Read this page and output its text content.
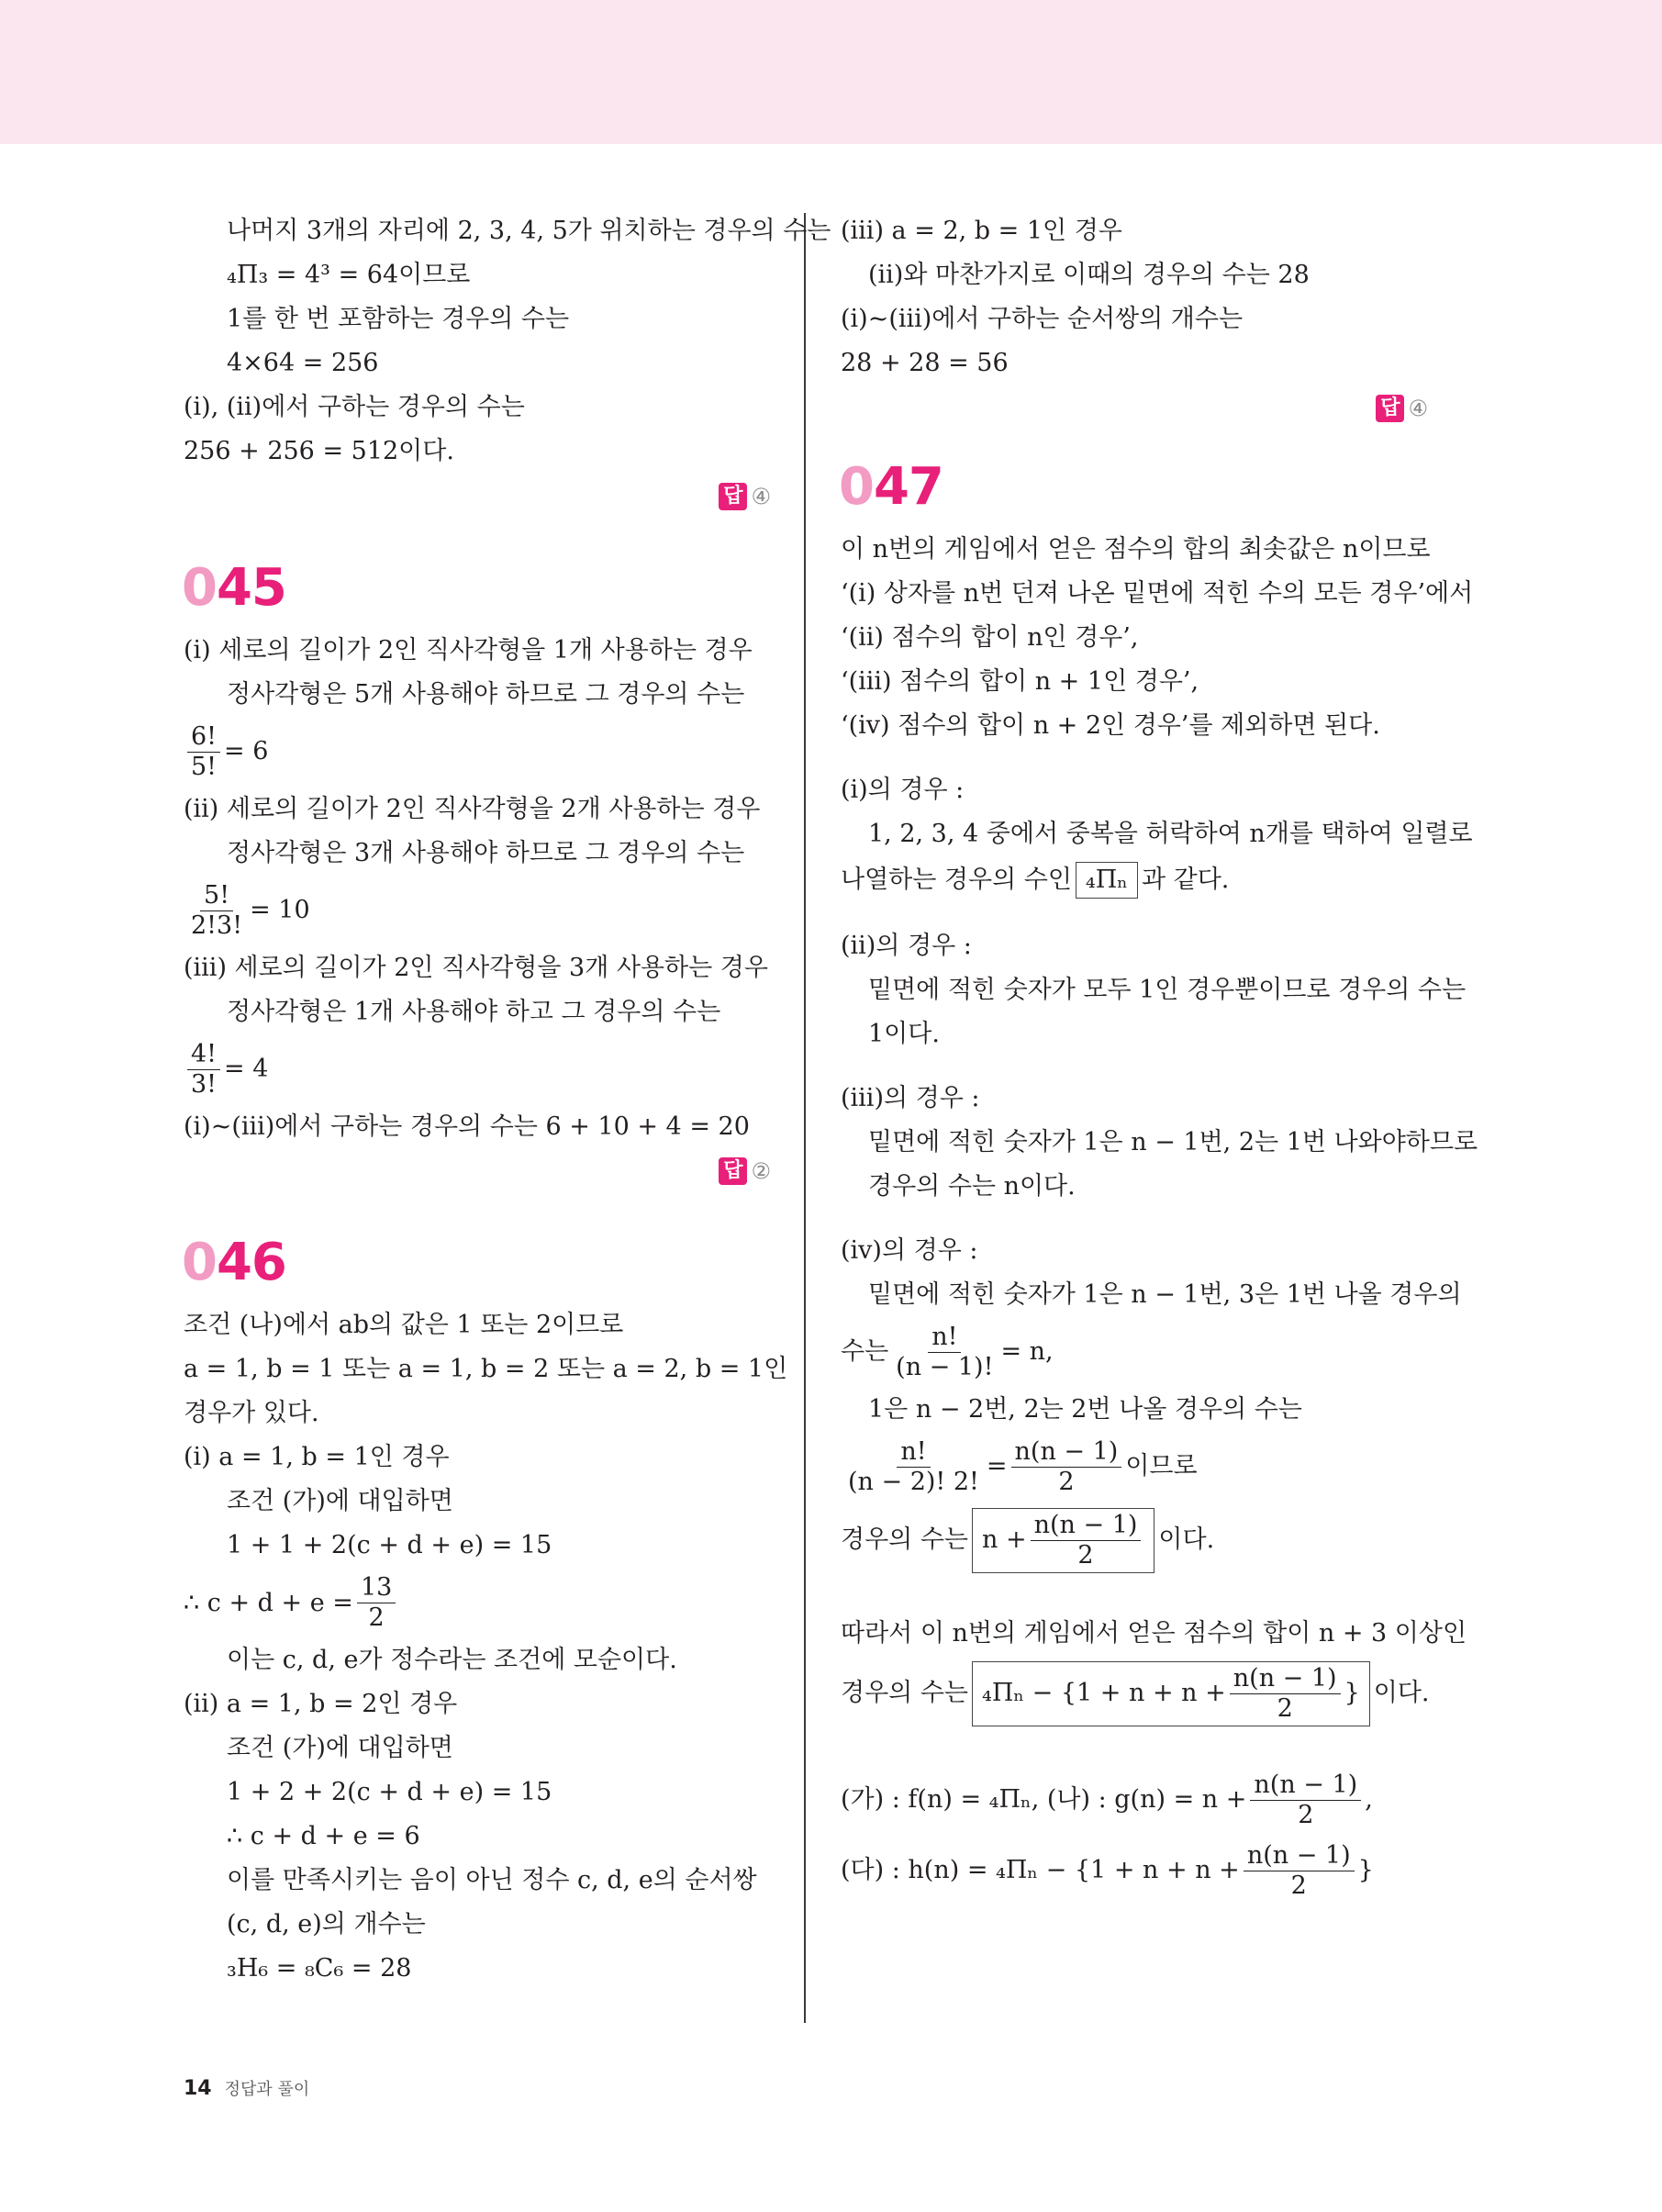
나머지 3개의 자리에 2, 3, 4, 5가 위치하는 경우의 수는
₄Π₃ = 4³ = 64이므로
1를 한 번 포함하는 경우의 수는
4×64 = 256
(ⅰ), (ⅱ)에서 구하는 경우의 수는
256 + 256 = 512이다.
답 ④
045
(ⅰ) 세로의 길이가 2인 직사각형을 1개 사용하는 경우
정사각형은 5개 사용해야 하므로 그 경우의 수는
$\frac{6!}{5!} = 6$
(ⅱ) 세로의 길이가 2인 직사각형을 2개 사용하는 경우
정사각형은 3개 사용해야 하므로 그 경우의 수는
$\frac{5!}{2!3!} = 10$
(ⅲ) 세로의 길이가 2인 직사각형을 3개 사용하는 경우
정사각형은 1개 사용해야 하고 그 경우의 수는
$\frac{4!}{3!} = 4$
(ⅰ)~(ⅲ)에서 구하는 경우의 수는 6 + 10 + 4 = 20
답 ②
046
조건 (나)에서 ab의 값은 1 또는 2이므로
a = 1, b = 1 또는 a = 1, b = 2 또는 a = 2, b = 1인
경우가 있다.
(ⅰ) a = 1, b = 1인 경우
조건 (가)에 대입하면
1 + 1 + 2(c + d + e) = 15
∴ $c + d + e = \frac{13}{2}$
이는 c, d, e가 정수라는 조건에 모순이다.
(ⅱ) a = 1, b = 2인 경우
조건 (가)에 대입하면
1 + 2 + 2(c + d + e) = 15
∴ c + d + e = 6
이를 만족시키는 음이 아닌 정수 c, d, e의 순서쌍
(c, d, e)의 개수는
₃H₆ = ₈C₆ = 28
(ⅲ) a = 2, b = 1인 경우
(ⅱ)와 마찬가지로 이때의 경우의 수는 28
(ⅰ)~(ⅲ)에서 구하는 순서쌍의 개수는
28 + 28 = 56
답 ④
047
이 n번의 게임에서 얻은 점수의 합의 최솟값은 n이므로
‘(ⅰ) 상자를 n번 던져 나온 밑면에 적힌 수의 모든 경우’에서
‘(ⅱ) 점수의 합이 n인 경우’,
‘(ⅲ) 점수의 합이 n + 1인 경우’,
‘(ⅳ) 점수의 합이 n + 2인 경우’를 제외하면 된다.
(ⅰ)의 경우 :
1, 2, 3, 4 중에서 중복을 허락하여 n개를 택하여 일렬로
나열하는 경우의 수인 ₄Πₙ 과 같다.
(ⅱ)의 경우 :
밑면에 적힌 숫자가 모두 1인 경우뿐이므로 경우의 수는
1이다.
(ⅲ)의 경우 :
밑면에 적힌 숫자가 1은 n − 1번, 2는 1번 나와야하므로
경우의 수는 n이다.
(ⅳ)의 경우 :
밑면에 적힌 숫자가 1은 n − 1번, 3은 1번 나올 경우의
수는 $\frac{n!}{(n - 1)!} = n$,
1은 n − 2번, 2는 2번 나올 경우의 수는
$\frac{n!}{(n - 2)! 2!} = \frac{n(n - 1)}{2}$ 이므로
경우의 수는 $n + \frac{n(n - 1)}{2}$ 이다.
따라서 이 n번의 게임에서 얻은 점수의 합이 n + 3 이상인
경우의 수는 $_4\Pi_n - \{1 + n + n + \frac{n(n - 1)}{2}$ } 이다.
(가) : f(n) = ₄Πₙ, (나) : $g(n) = n + \frac{n(n - 1)}{2}$ ,
(다) : $h(n) = _4\Pi_n - \{1 + n + n + \frac{n(n - 1)}{2}$ }
14 정답과 풀이
